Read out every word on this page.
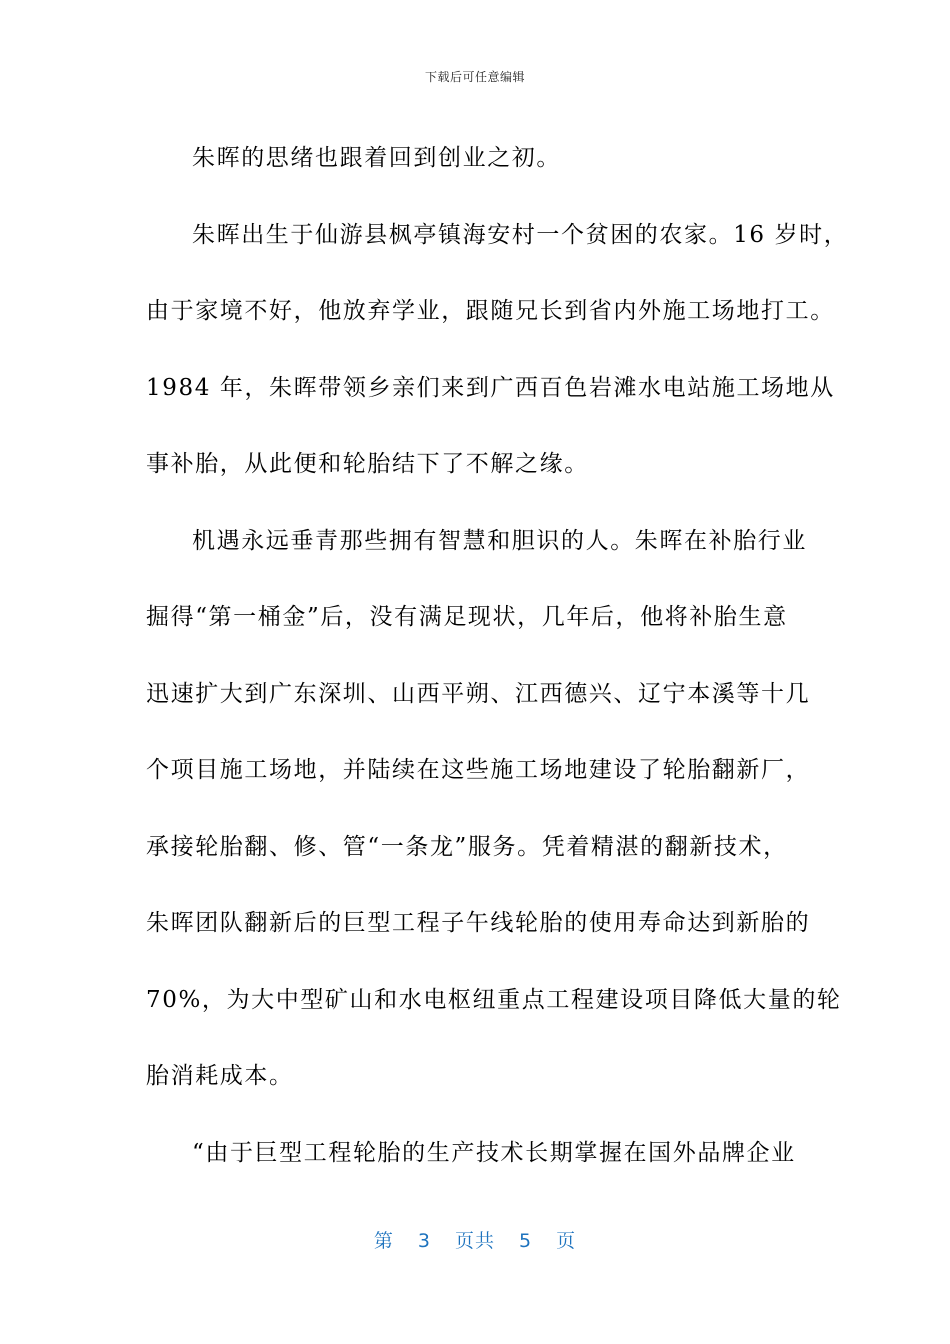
下载后可任意编辑

朱晖的思绪也跟着回到创业之初。

朱晖出生于仙游县枫亭镇海安村一个贫困的农家。16 岁时，
由于家境不好，他放弃学业，跟随兄长到省内外施工场地打工。
1984 年，朱晖带领乡亲们来到广西百色岩滩水电站施工场地从
事补胎，从此便和轮胎结下了不解之缘。

机遇永远垂青那些拥有智慧和胆识的人。朱晖在补胎行业
掘得“第一桶金”后，没有满足现状，几年后，他将补胎生意
迅速扩大到广东深圳、山西平朔、江西德兴、辽宁本溪等十几
个项目施工场地，并陆续在这些施工场地建设了轮胎翻新厂，
承接轮胎翻、修、管“一条龙”服务。凭着精湛的翻新技术，
朱晖团队翻新后的巨型工程子午线轮胎的使用寿命达到新胎的
70%，为大中型矿山和水电枢纽重点工程建设项目降低大量的轮
胎消耗成本。

“由于巨型工程轮胎的生产技术长期掌握在国外品牌企业

第 3 页共 5 页
